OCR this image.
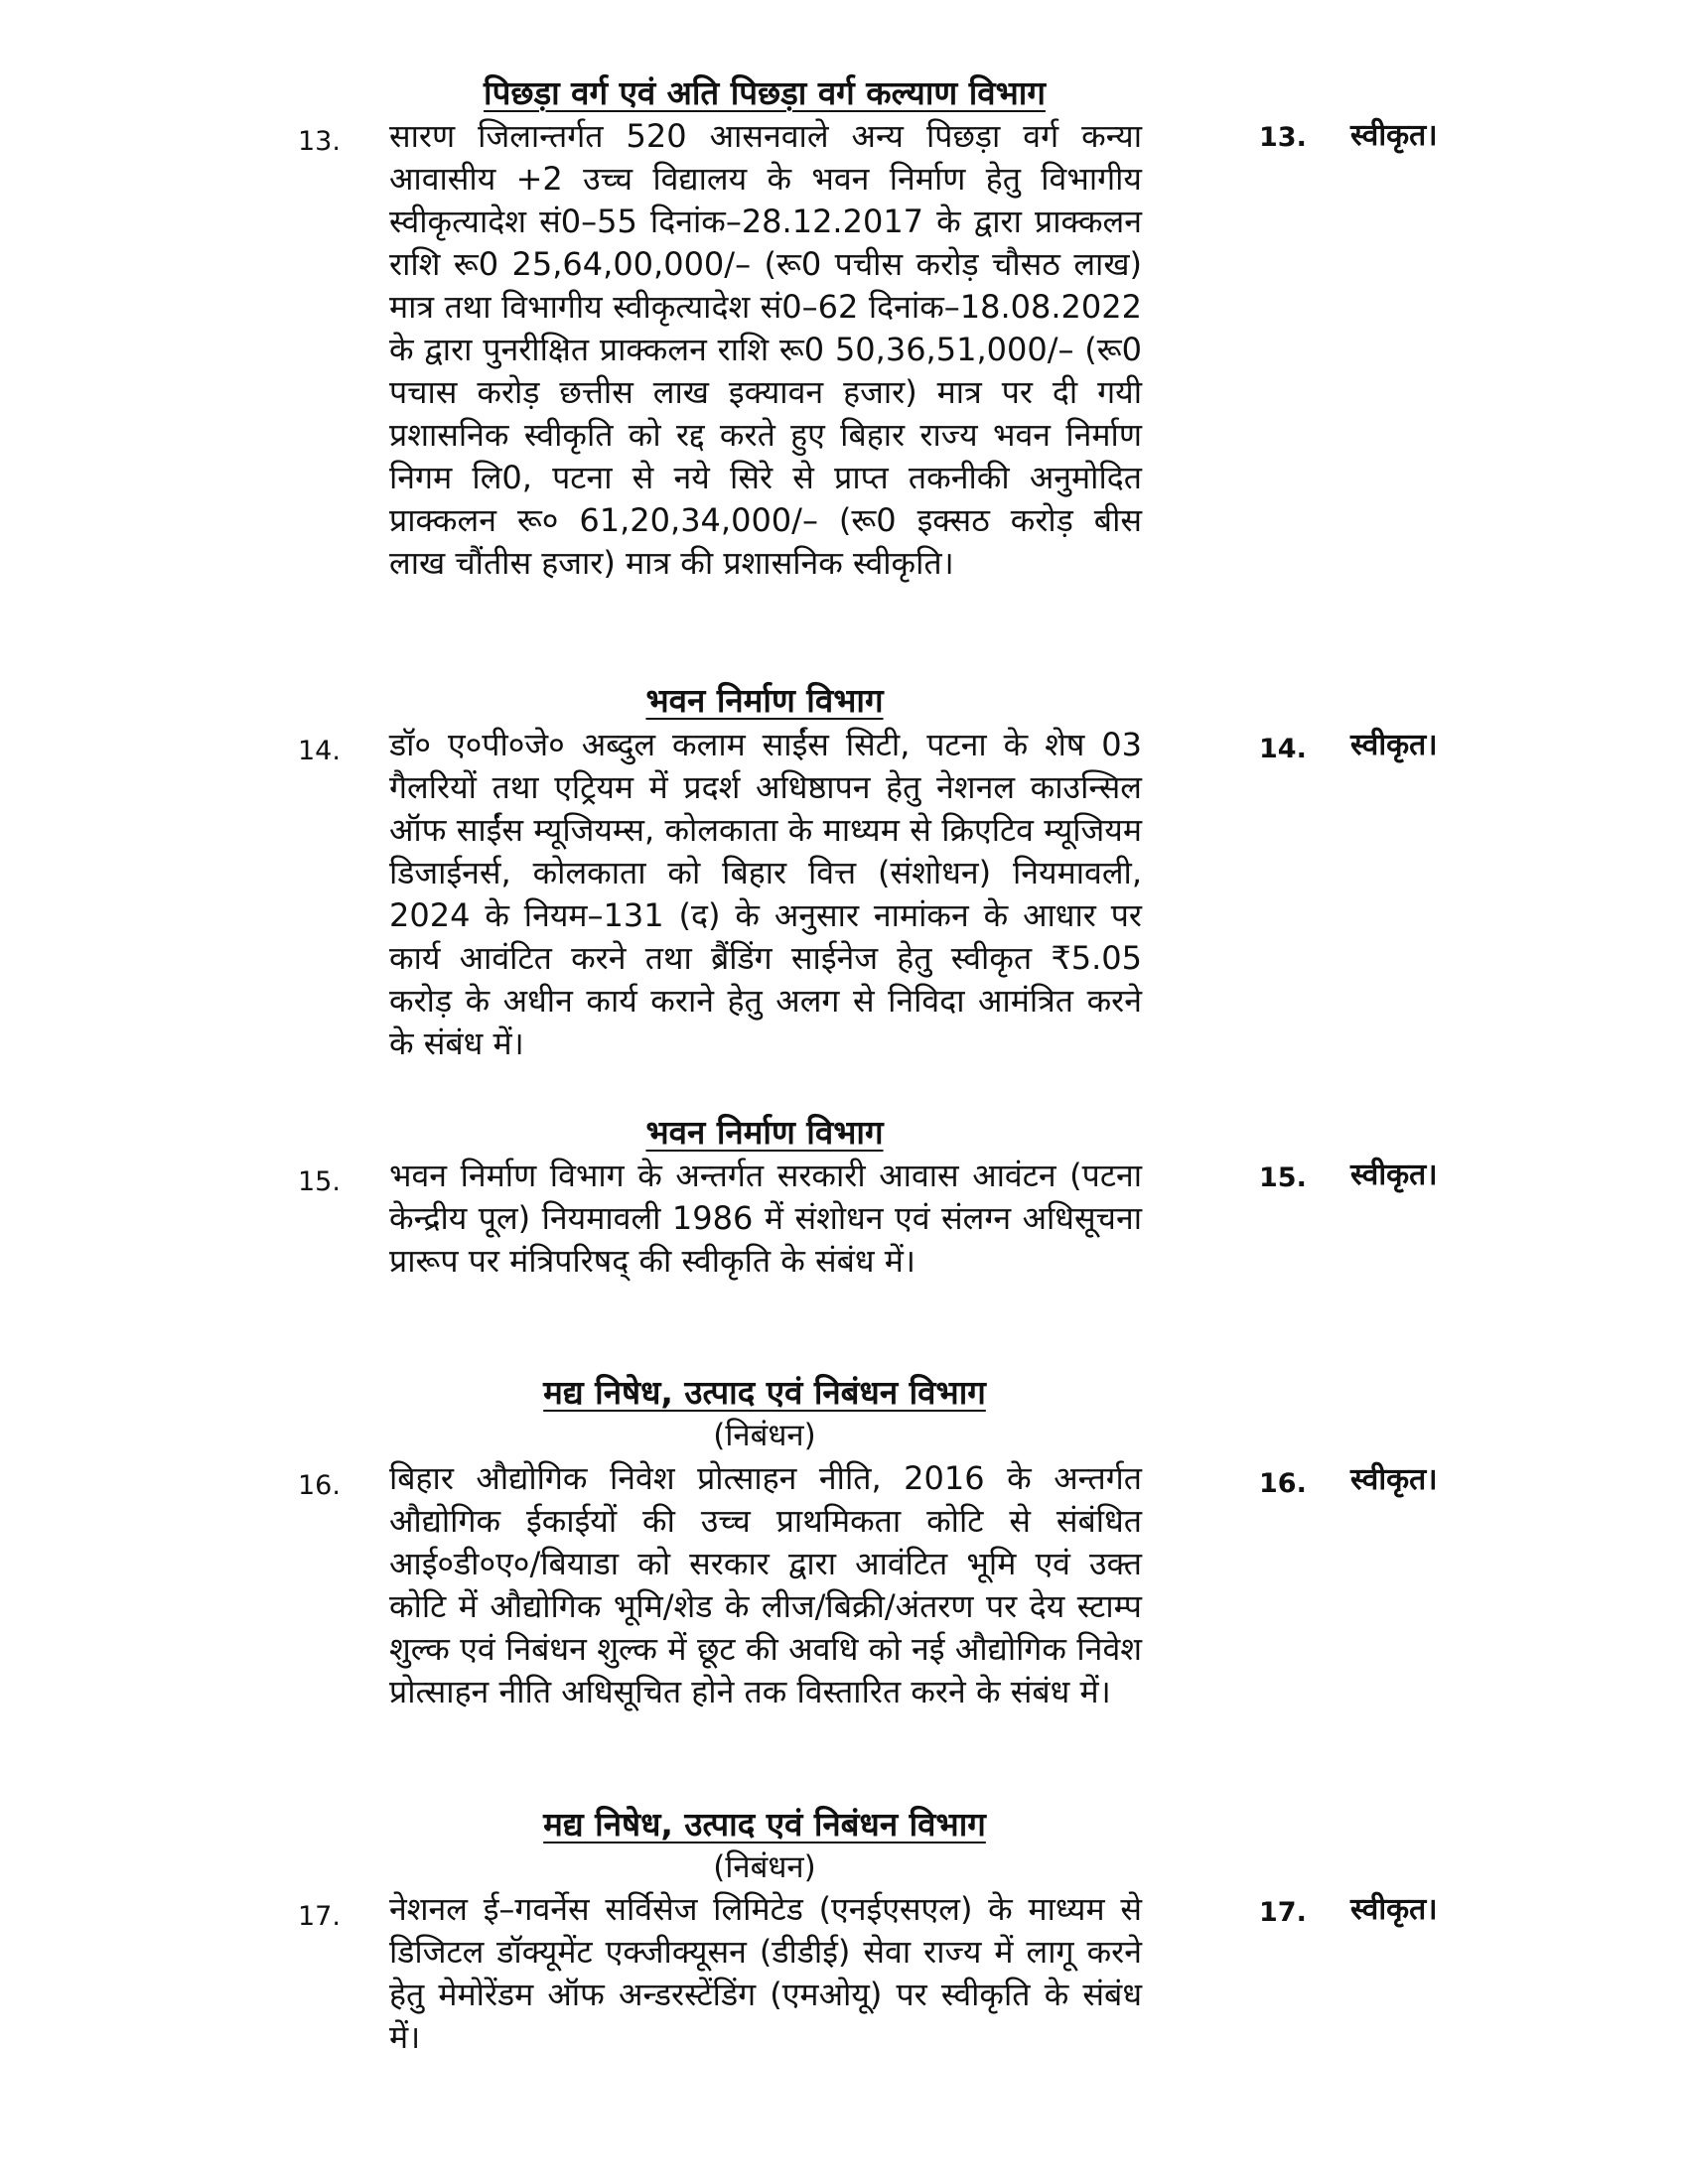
पिछड़ा वर्ग एवं अति पिछड़ा वर्ग कल्याण विभाग
13.	सारण जिलान्तर्गत 520 आसनवाले अन्य पिछड़ा वर्ग कन्या आवासीय +2 उच्च विद्यालय के भवन निर्माण हेतु विभागीय स्वीकृत्यादेश सं0–55 दिनांक–28.12.2017 के द्वारा प्राक्कलन राशि रू0 25,64,00,000/– (रू0 पचीस करोड़ चौसठ लाख) मात्र तथा विभागीय स्वीकृत्यादेश सं0–62 दिनांक–18.08.2022 के द्वारा पुनरीक्षित प्राक्कलन राशि रू0 50,36,51,000/– (रू0 पचास करोड़ छत्तीस लाख इक्यावन हजार) मात्र पर दी गयी प्रशासनिक स्वीकृति को रद्द करते हुए बिहार राज्य भवन निर्माण निगम लि0, पटना से नये सिरे से प्राप्त तकनीकी अनुमोदित प्राक्कलन रू० 61,20,34,000/– (रू0 इक्सठ करोड़ बीस लाख चौंतीस हजार) मात्र की प्रशासनिक स्वीकृति।
13.	स्वीकृत।
भवन निर्माण विभाग
14.	डॉ० ए०पी०जे० अब्दुल कलाम साईंस सिटी, पटना के शेष 03 गैलरियों तथा एट्रियम में प्रदर्श अधिष्ठापन हेतु नेशनल काउन्सिल ऑफ साईंस म्यूजियम्स, कोलकाता के माध्यम से क्रिएटिव म्यूजियम डिजाईनर्स, कोलकाता को बिहार वित्त (संशोधन) नियमावली, 2024 के नियम–131 (द) के अनुसार नामांकन के आधार पर कार्य आवंटित करने तथा ब्रैंडिंग साईनेज हेतु स्वीकृत ₹5.05 करोड़ के अधीन कार्य कराने हेतु अलग से निविदा आमंत्रित करने के संबंध में।
14.	स्वीकृत।
भवन निर्माण विभाग
15.	भवन निर्माण विभाग के अन्तर्गत सरकारी आवास आवंटन (पटना केन्द्रीय पूल) नियमावली 1986 में संशोधन एवं संलग्न अधिसूचना प्रारूप पर मंत्रिपरिषद् की स्वीकृति के संबंध में।
15.	स्वीकृत।
मद्य निषेध, उत्पाद एवं निबंधन विभाग
(निबंधन)
16.	बिहार औद्योगिक निवेश प्रोत्साहन नीति, 2016 के अन्तर्गत औद्योगिक ईकाईयों की उच्च प्राथमिकता कोटि से संबंधित आई०डी०ए०/बियाडा को सरकार द्वारा आवंटित भूमि एवं उक्त कोटि में औद्योगिक भूमि/शेड के लीज/बिक्री/अंतरण पर देय स्टाम्प शुल्क एवं निबंधन शुल्क में छूट की अवधि को नई औद्योगिक निवेश प्रोत्साहन नीति अधिसूचित होने तक विस्तारित करने के संबंध में।
16.	स्वीकृत।
मद्य निषेध, उत्पाद एवं निबंधन विभाग
(निबंधन)
17.	नेशनल ई–गवर्नेस सर्विसेज लिमिटेड (एनईएसएल) के माध्यम से डिजिटल डॉक्यूमेंट एक्जीक्यूसन (डीडीई) सेवा राज्य में लागू करने हेतु मेमोरेंडम ऑफ अन्डरस्टेंडिंग (एमओयू) पर स्वीकृति के संबंध में।
17.	स्वीकृत।
